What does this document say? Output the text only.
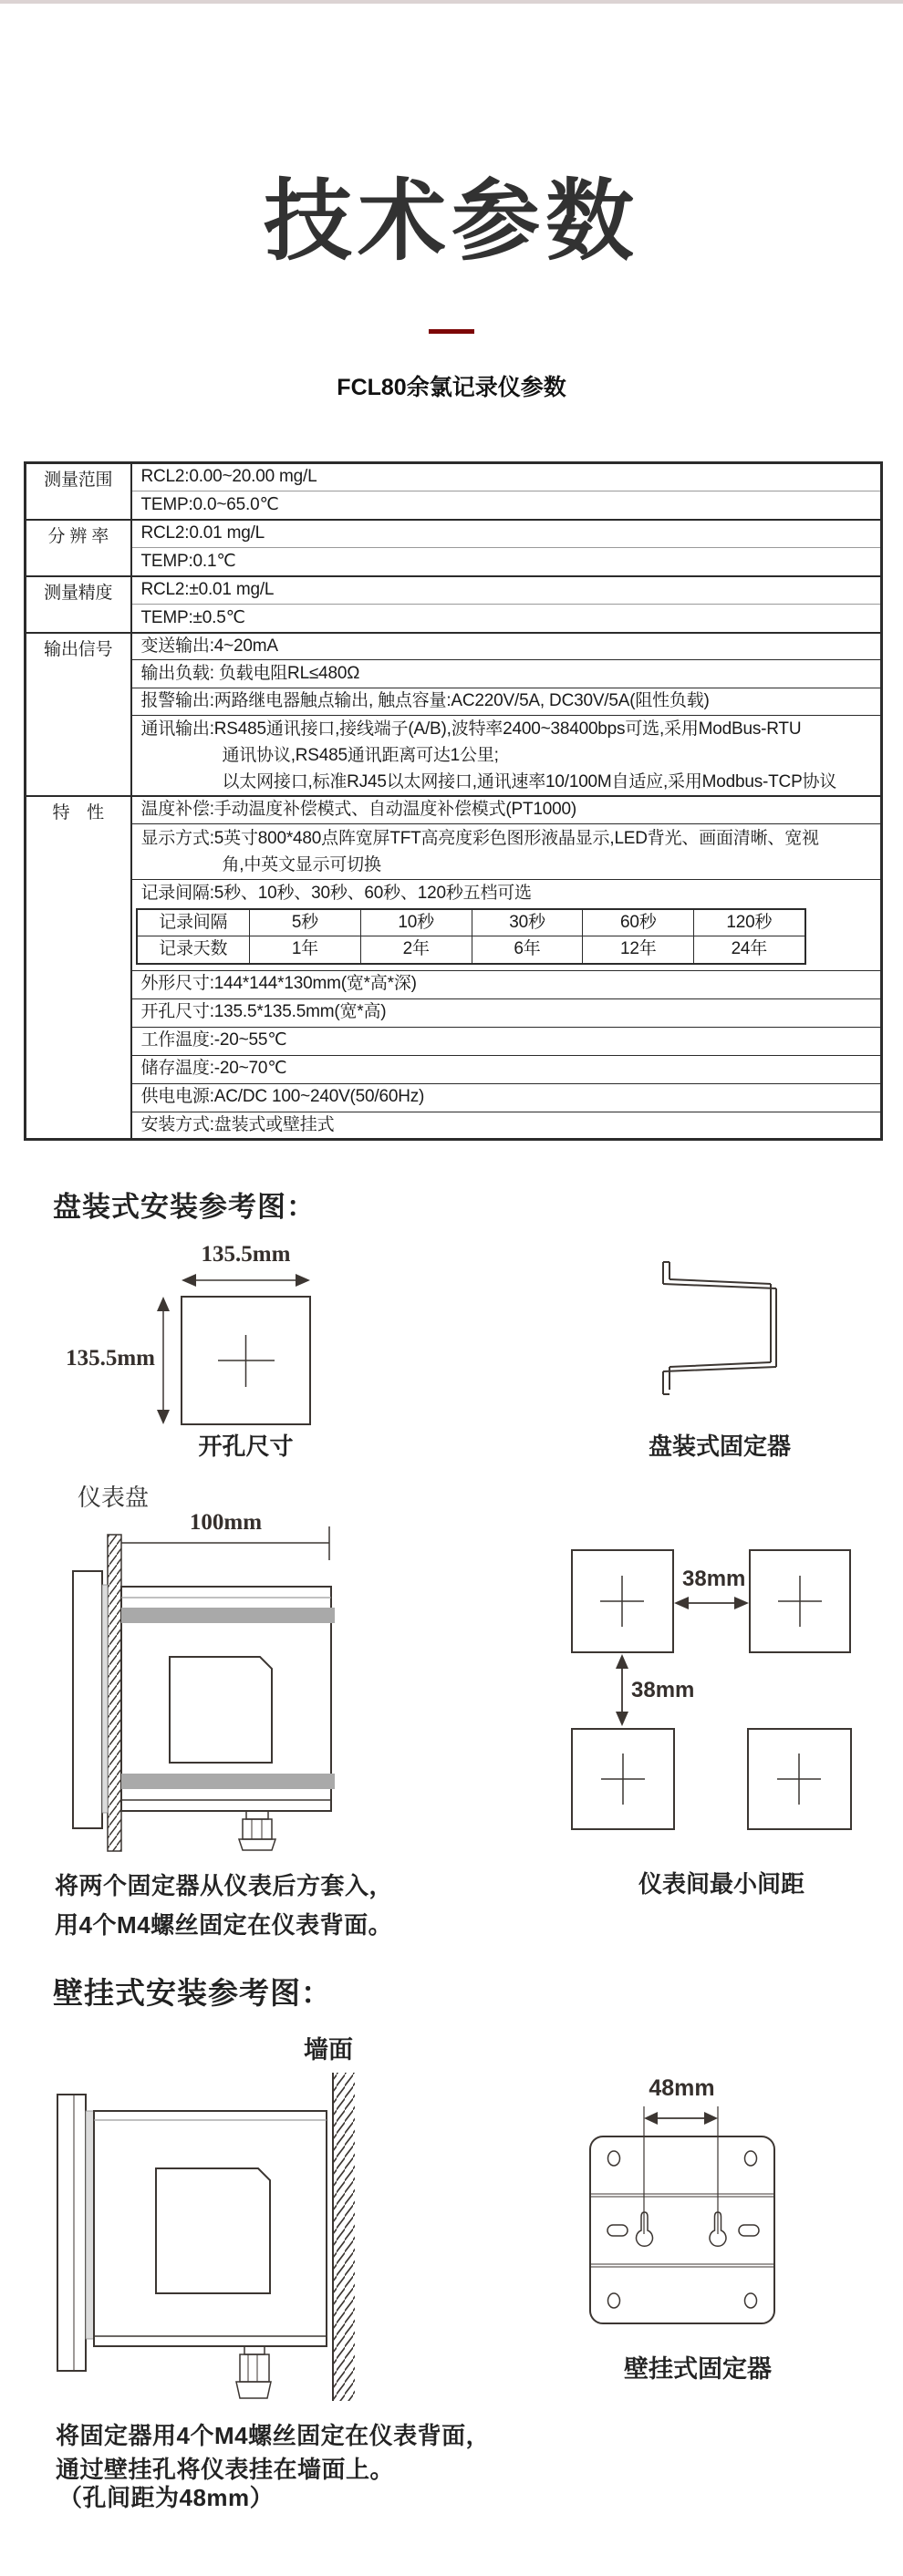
技术参数
FCL80余氯记录仪参数
测量范围	RCL2:0.00~20.00 mg/L
TEMP:0.0~65.0℃
分 辨 率	RCL2:0.01 mg/L
TEMP:0.1℃
测量精度	RCL2:±0.01 mg/L
TEMP:±0.5℃
输出信号	变送输出:4~20mA
输出负载: 负载电阻RL≤480Ω
报警输出:两路继电器触点输出, 触点容量:AC220V/5A, DC30V/5A(阻性负载)

通讯输出:RS485通讯接口,接线端子(A/B),波特率2400~38400bps可选,采用ModBus-RTU
通讯协议,RS485通讯距离可达1公里;
以太网接口,标准RJ45以太网接口,通讯速率10/100M自适应,采用Modbus-TCP协议

特　性	温度补偿:手动温度补偿模式、自动温度补偿模式(PT1000)

显示方式:5英寸800*480点阵宽屏TFT高亮度彩色图形液晶显示,LED背光、画面清晰、宽视
角,中英文显示可切换

记录间隔:5秒、10秒、30秒、60秒、120秒五档可选
记录间隔	5秒	10秒	30秒	60秒	120秒
记录天数	1年	2年	6年	12年	24年

外形尺寸:144*144*130mm(宽*高*深)
开孔尺寸:135.5*135.5mm(宽*高)
工作温度:-20~55℃
储存温度:-20~70℃
供电电源:AC/DC 100~240V(50/60Hz)
安装方式:盘装式或壁挂式
盘装式安装参考图：
135.5mm
135.5mm
开孔尺寸	盘装式固定器
仪表盘
100mm
38mm
38mm
仪表间最小间距
将两个固定器从仪表后方套入，
用4个M4螺丝固定在仪表背面。
壁挂式安装参考图：
墙面
48mm
壁挂式固定器
将固定器用4个M4螺丝固定在仪表背面，
通过壁挂孔将仪表挂在墙面上。
（孔间距为48mm）
